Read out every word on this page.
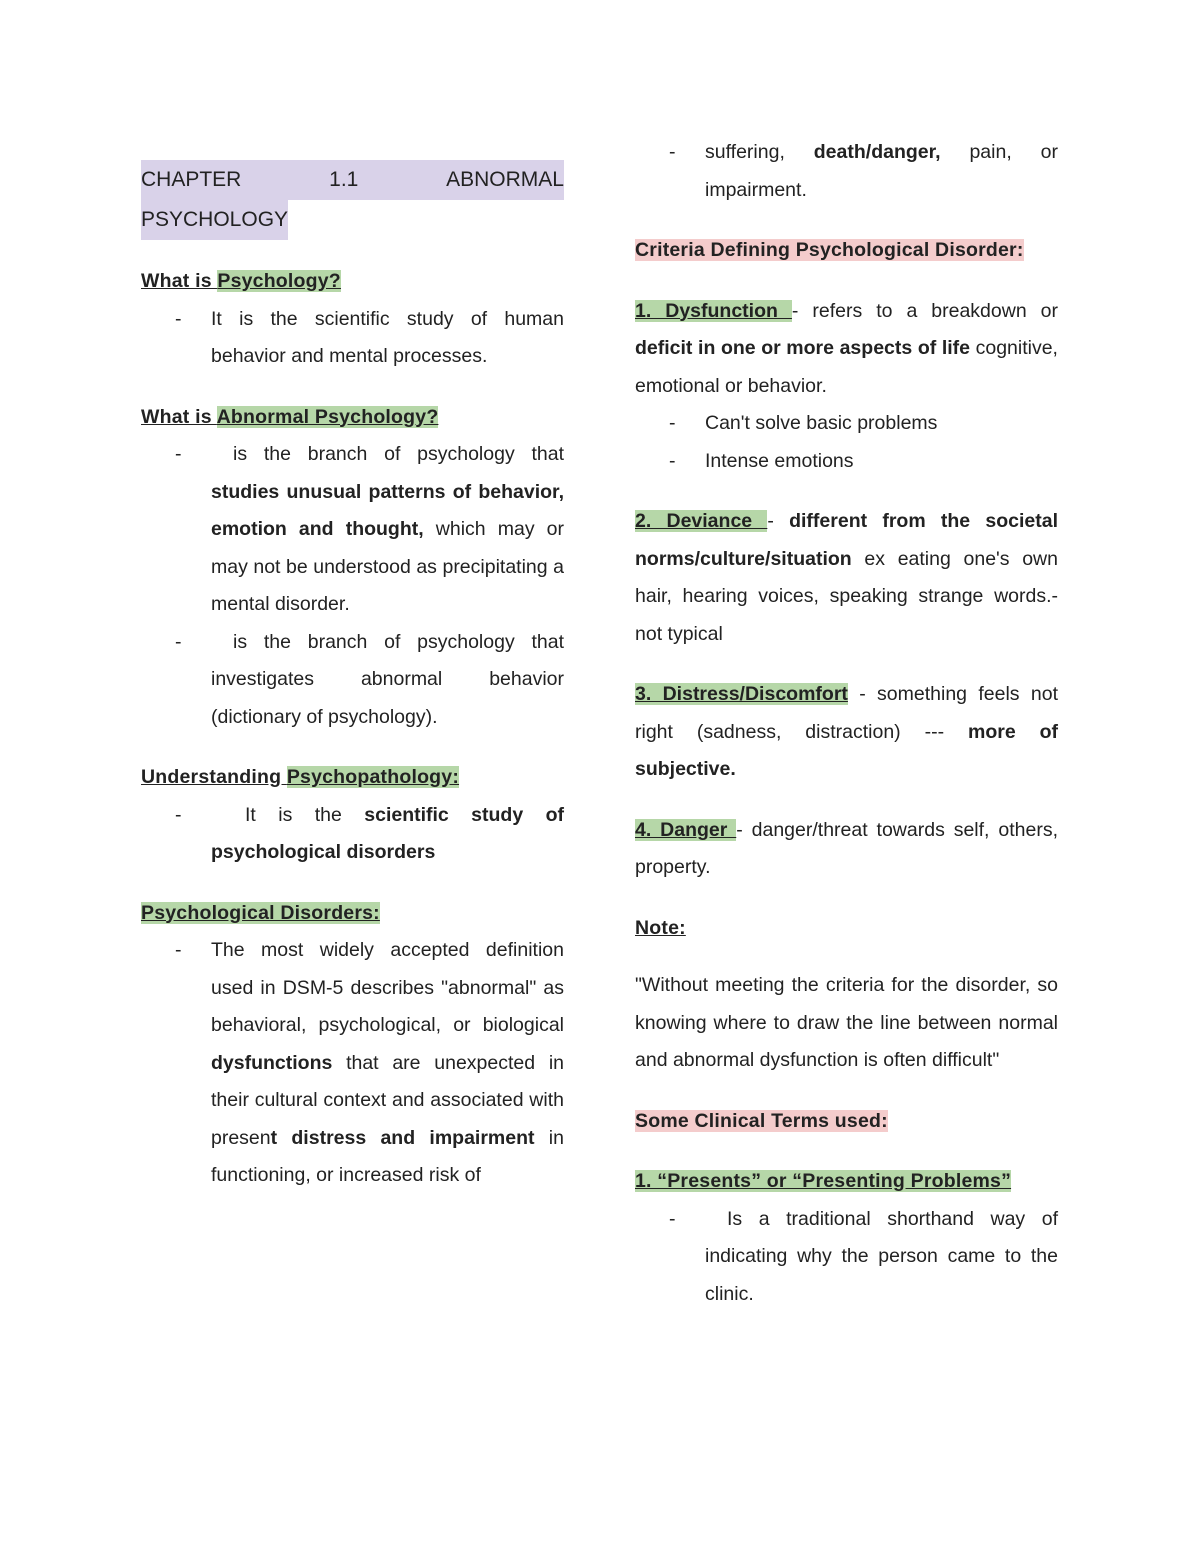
CHAPTER	1.1	ABNORMAL
PSYCHOLOGY

What is Psychology?

- It is the scientific study of human behavior and mental processes.

What is Abnormal Psychology?

- is the branch of psychology that studies unusual patterns of behavior, emotion and thought, which may or may not be understood as precipitating a mental disorder.
- is the branch of psychology that investigates abnormal behavior (dictionary of psychology).

Understanding Psychopathology:

- It is the scientific study of psychological disorders

Psychological Disorders:

- The most widely accepted definition used in DSM-5 describes "abnormal" as behavioral, psychological, or biological dysfunctions that are unexpected in their cultural context and associated with present distress and impairment in functioning, or increased risk of
- suffering, death/danger, pain, or impairment.

Criteria Defining Psychological Disorder:

1. Dysfunction - refers to a breakdown or deficit in one or more aspects of life cognitive, emotional or behavior.

- Can't solve basic problems
- Intense emotions

2. Deviance - different from the societal norms/culture/situation ex eating one's own hair, hearing voices, speaking strange words.- not typical

3. Distress/Discomfort - something feels not right (sadness, distraction) --- more of subjective.

4. Danger - danger/threat towards self, others, property.

Note:

"Without meeting the criteria for the disorder, so knowing where to draw the line between normal and abnormal dysfunction is often difficult"

Some Clinical Terms used:

1. “Presents” or “Presenting Problems”

- Is a traditional shorthand way of indicating why the person came to the clinic.
